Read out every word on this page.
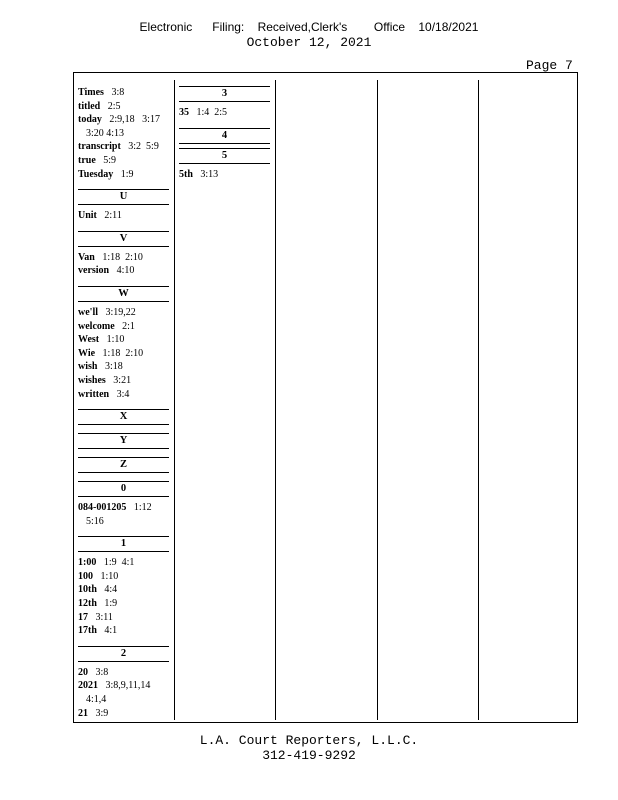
Electronic      Filing:    Received,Clerk's        Office    10/18/2021
October 12, 2021
Page 7
Times   3:8
titled   2:5
today   2:9,18   3:17
3:20 4:13
transcript   3:2  5:9
true   5:9
Tuesday   1:9
U
Unit   2:11
V
Van   1:18  2:10
version   4:10
W
we'll   3:19,22
welcome   2:1
West   1:10
Wie   1:18  2:10
wish   3:18
wishes   3:21
written   3:4
X
Y
Z
0
084-001205   1:12
5:16
1
1:00   1:9  4:1
100   1:10
10th   4:4
12th   1:9
17   3:11
17th   4:1
2
20   3:8
2021   3:8,9,11,14
4:1,4
21   3:9
3
35   1:4  2:5
4
5
5th   3:13
L.A. Court Reporters, L.L.C.
312-419-9292
